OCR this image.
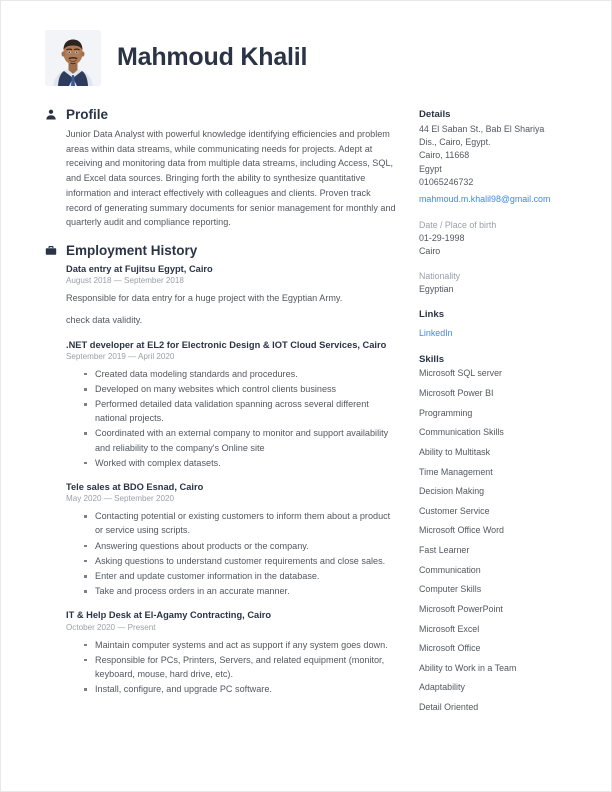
Mahmoud Khalil
Profile

Junior Data Analyst with powerful knowledge identifying efficiencies and problem areas within data streams, while communicating needs for projects. Adept at receiving and monitoring data from multiple data streams, including Access, SQL, and Excel data sources. Bringing forth the ability to synthesize quantitative information and interact effectively with colleagues and clients. Proven track record of generating summary documents for senior management for monthly and quarterly audit and compliance reporting.

Employment History
Data entry at Fujitsu Egypt, Cairo
August 2018 — September 2018

Responsible for data entry for a huge project with the Egyptian Army.

check data validity.

.NET developer at EL2 for Electronic Design & IOT Cloud Services, Cairo
September 2019 — April 2020
Created data modeling standards and procedures.
Developed on many websites which control clients business
Performed detailed data validation spanning across several different national projects.
Coordinated with an external company to monitor and support availability and reliability to the company's Online site
Worked with complex datasets.
Tele sales at BDO Esnad, Cairo
May 2020 — September 2020
Contacting potential or existing customers to inform them about a product or service using scripts.
Answering questions about products or the company.
Asking questions to understand customer requirements and close sales.
Enter and update customer information in the database.
Take and process orders in an accurate manner.
IT & Help Desk at El-Agamy Contracting, Cairo
October 2020 — Present
Maintain computer systems and act as support if any system goes down.
Responsible for PCs, Printers, Servers, and related equipment (monitor, keyboard, mouse, hard drive, etc).
Install, configure, and upgrade PC software.
Details
44 El Saban St., Bab El Shariya
Dis., Cairo, Egypt.
Cairo, 11668
Egypt
01065246732
mahmoud.m.khalil98@gmail.com
Date / Place of birth
01-29-1998
Cairo
Nationality
Egyptian
Links
LinkedIn
Skills
Microsoft SQL server
Microsoft Power BI
Programming
Communication Skills
Ability to Multitask
Time Management
Decision Making
Customer Service
Microsoft Office Word
Fast Learner
Communication
Computer Skills
Microsoft PowerPoint
Microsoft Excel
Microsoft Office
Ability to Work in a Team
Adaptability
Detail Oriented
